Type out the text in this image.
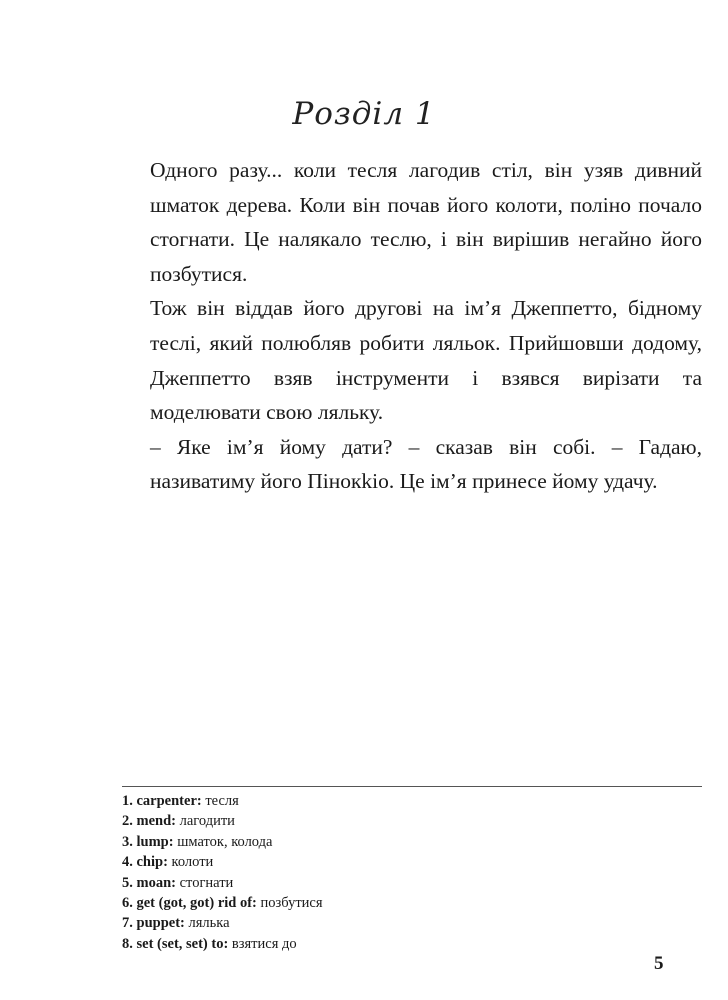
Розділ 1

Одного разу... коли тесля лагодив стіл, він узяв дивний шматок дерева. Коли він почав його колоти, поліно почало стогнати. Це налякало теслю, і він вирішив негайно його позбутися.

Тож він віддав його другові на ім’я Джеппетто, бідному теслі, який полюбляв робити ляльок. Прийшовши додому, Джеппетто взяв інструменти і взявся вирізати та моделювати свою ляльку.

– Яке ім’я йому дати? – сказав він собі. – Гадаю, називатиму його Пінокkio. Це ім’я принесе йому удачу.

1. carpenter: тесля
2. mend: лагодити
3. lump: шматок, колода
4. chip: колоти
5. moan: стогнати
6. get (got, got) rid of: позбутися
7. puppet: лялька
8. set (set, set) to: взятися до
5
